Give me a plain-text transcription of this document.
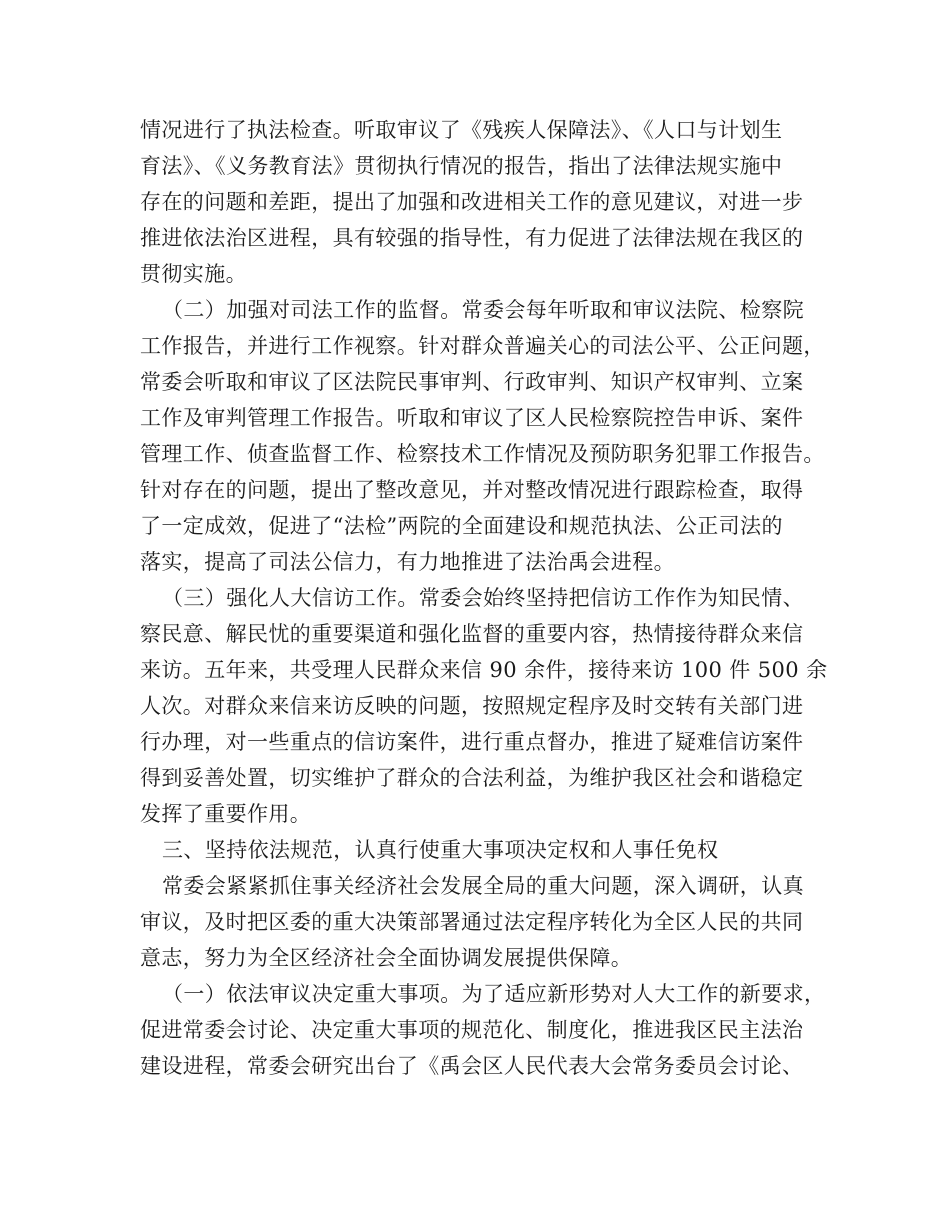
情况进行了执法检查。听取审议了《残疾人保障法》、《人口与计划生
育法》、《义务教育法》贯彻执行情况的报告，指出了法律法规实施中
存在的问题和差距，提出了加强和改进相关工作的意见建议，对进一步
推进依法治区进程，具有较强的指导性，有力促进了法律法规在我区的
贯彻实施。
（二）加强对司法工作的监督。常委会每年听取和审议法院、检察院
工作报告，并进行工作视察。针对群众普遍关心的司法公平、公正问题，
常委会听取和审议了区法院民事审判、行政审判、知识产权审判、立案
工作及审判管理工作报告。听取和审议了区人民检察院控告申诉、案件
管理工作、侦查监督工作、检察技术工作情况及预防职务犯罪工作报告。
针对存在的问题，提出了整改意见，并对整改情况进行跟踪检查，取得
了一定成效，促进了“法检”两院的全面建设和规范执法、公正司法的
落实，提高了司法公信力，有力地推进了法治禹会进程。
（三）强化人大信访工作。常委会始终坚持把信访工作作为知民情、
察民意、解民忧的重要渠道和强化监督的重要内容，热情接待群众来信
来访。五年来，共受理人民群众来信 90 余件，接待来访 100 件 500 余
人次。对群众来信来访反映的问题，按照规定程序及时交转有关部门进
行办理，对一些重点的信访案件，进行重点督办，推进了疑难信访案件
得到妥善处置，切实维护了群众的合法利益，为维护我区社会和谐稳定
发挥了重要作用。
三、坚持依法规范，认真行使重大事项决定权和人事任免权
常委会紧紧抓住事关经济社会发展全局的重大问题，深入调研，认真
审议，及时把区委的重大决策部署通过法定程序转化为全区人民的共同
意志，努力为全区经济社会全面协调发展提供保障。
（一）依法审议决定重大事项。为了适应新形势对人大工作的新要求，
促进常委会讨论、决定重大事项的规范化、制度化，推进我区民主法治
建设进程，常委会研究出台了《禹会区人民代表大会常务委员会讨论、
